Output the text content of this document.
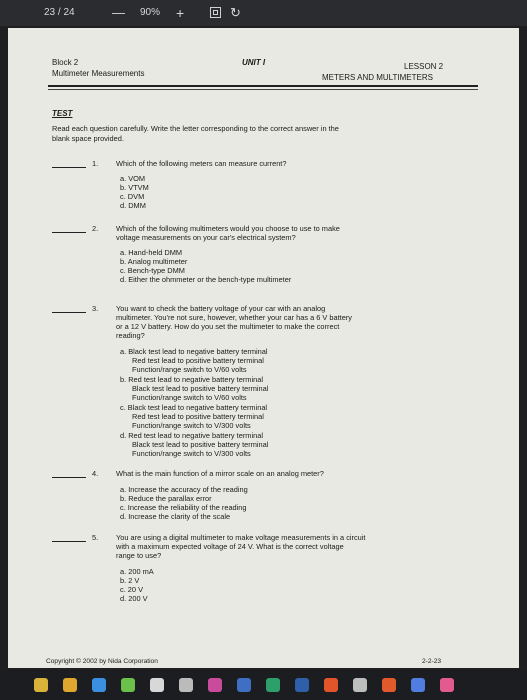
23 / 24	— 90% +	↻
Block 2
Multimeter Measurements
UNIT I	LESSON 2
METERS AND MULTIMETERS
TEST
Read each question carefully. Write the letter corresponding to the correct answer in the
blank space provided.
1. Which of the following meters can measure current?
a. VOM
b. VTVM
c. DVM
d. DMM
2. Which of the following multimeters would you choose to use to make
voltage measurements on your car's electrical system?
a. Hand-held DMM
b. Analog multimeter
c. Bench-type DMM
d. Either the ohmmeter or the bench-type multimeter
3. You want to check the battery voltage of your car with an analog
multimeter. You're not sure, however, whether your car has a 6 V battery
or a 12 V battery. How do you set the multimeter to make the correct
reading?
a. Black test lead to negative battery terminal
Red test lead to positive battery terminal
Function/range switch to V/60 volts
b. Red test lead to negative battery terminal
Black test lead to positive battery terminal
Function/range switch to V/60 volts
c. Black test lead to negative battery terminal
Red test lead to positive battery terminal
Function/range switch to V/300 volts
d. Red test lead to negative battery terminal
Black test lead to positive battery terminal
Function/range switch to V/300 volts
4. What is the main function of a mirror scale on an analog meter?
a. Increase the accuracy of the reading
b. Reduce the parallax error
c. Increase the reliability of the reading
d. Increase the clarity of the scale
5. You are using a digital multimeter to make voltage measurements in a circuit
with a maximum expected voltage of 24 V. What is the correct voltage
range to use?
a. 200 mA
b. 2 V
c. 20 V
d. 200 V
Copyright © 2002 by Nida Corporation	2-2-23
